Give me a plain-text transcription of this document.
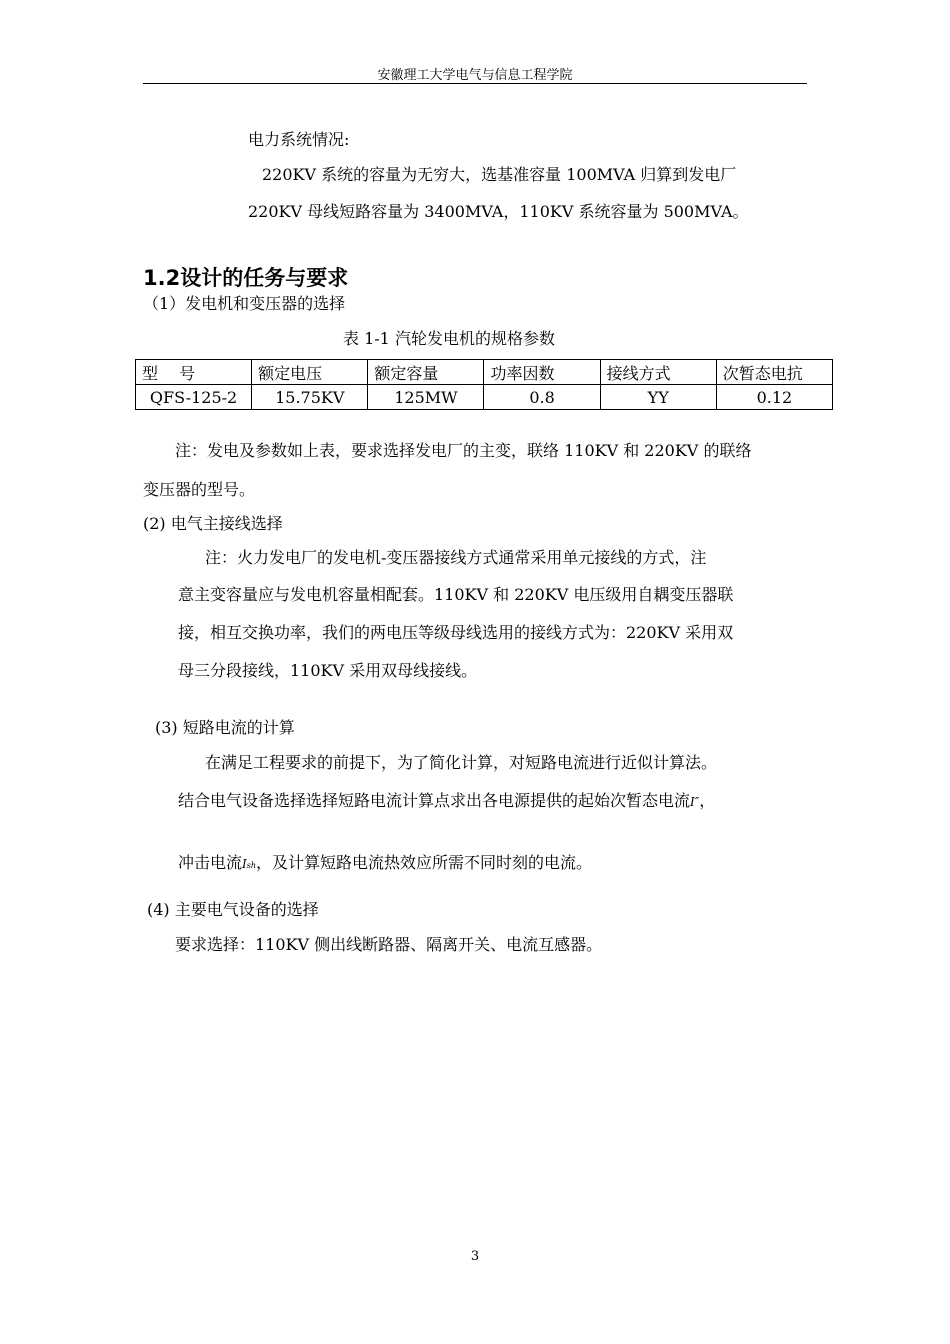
安徽理工大学电气与信息工程学院
电力系统情况:
220KV 系统的容量为无穷大，选基准容量 100MVA 归算到发电厂
220KV 母线短路容量为 3400MVA，110KV 系统容量为 500MVA。
1.2设计的任务与要求
（1）发电机和变压器的选择
表 1-1 汽轮发电机的规格参数
型　 号	额定电压	额定容量	功率因数	接线方式	次暂态电抗
QFS-125-2	15.75KV	125MW	0.8	YY	0.12
注：发电及参数如上表，要求选择发电厂的主变，联络 110KV 和 220KV 的联络
变压器的型号。
(2) 电气主接线选择
注：火力发电厂的发电机-变压器接线方式通常采用单元接线的方式，注
意主变容量应与发电机容量相配套。110KV 和 220KV 电压级用自耦变压器联
接，相互交换功率，我们的两电压等级母线选用的接线方式为：220KV 采用双
母三分段接线，110KV 采用双母线接线。
(3) 短路电流的计算
在满足工程要求的前提下，为了简化计算，对短路电流进行近似计算法。
结合电气设备选择选择短路电流计算点求出各电源提供的起始次暂态电流I″，
冲击电流Ish，及计算短路电流热效应所需不同时刻的电流。
(4) 主要电气设备的选择
要求选择：110KV 侧出线断路器、隔离开关、电流互感器。
3
